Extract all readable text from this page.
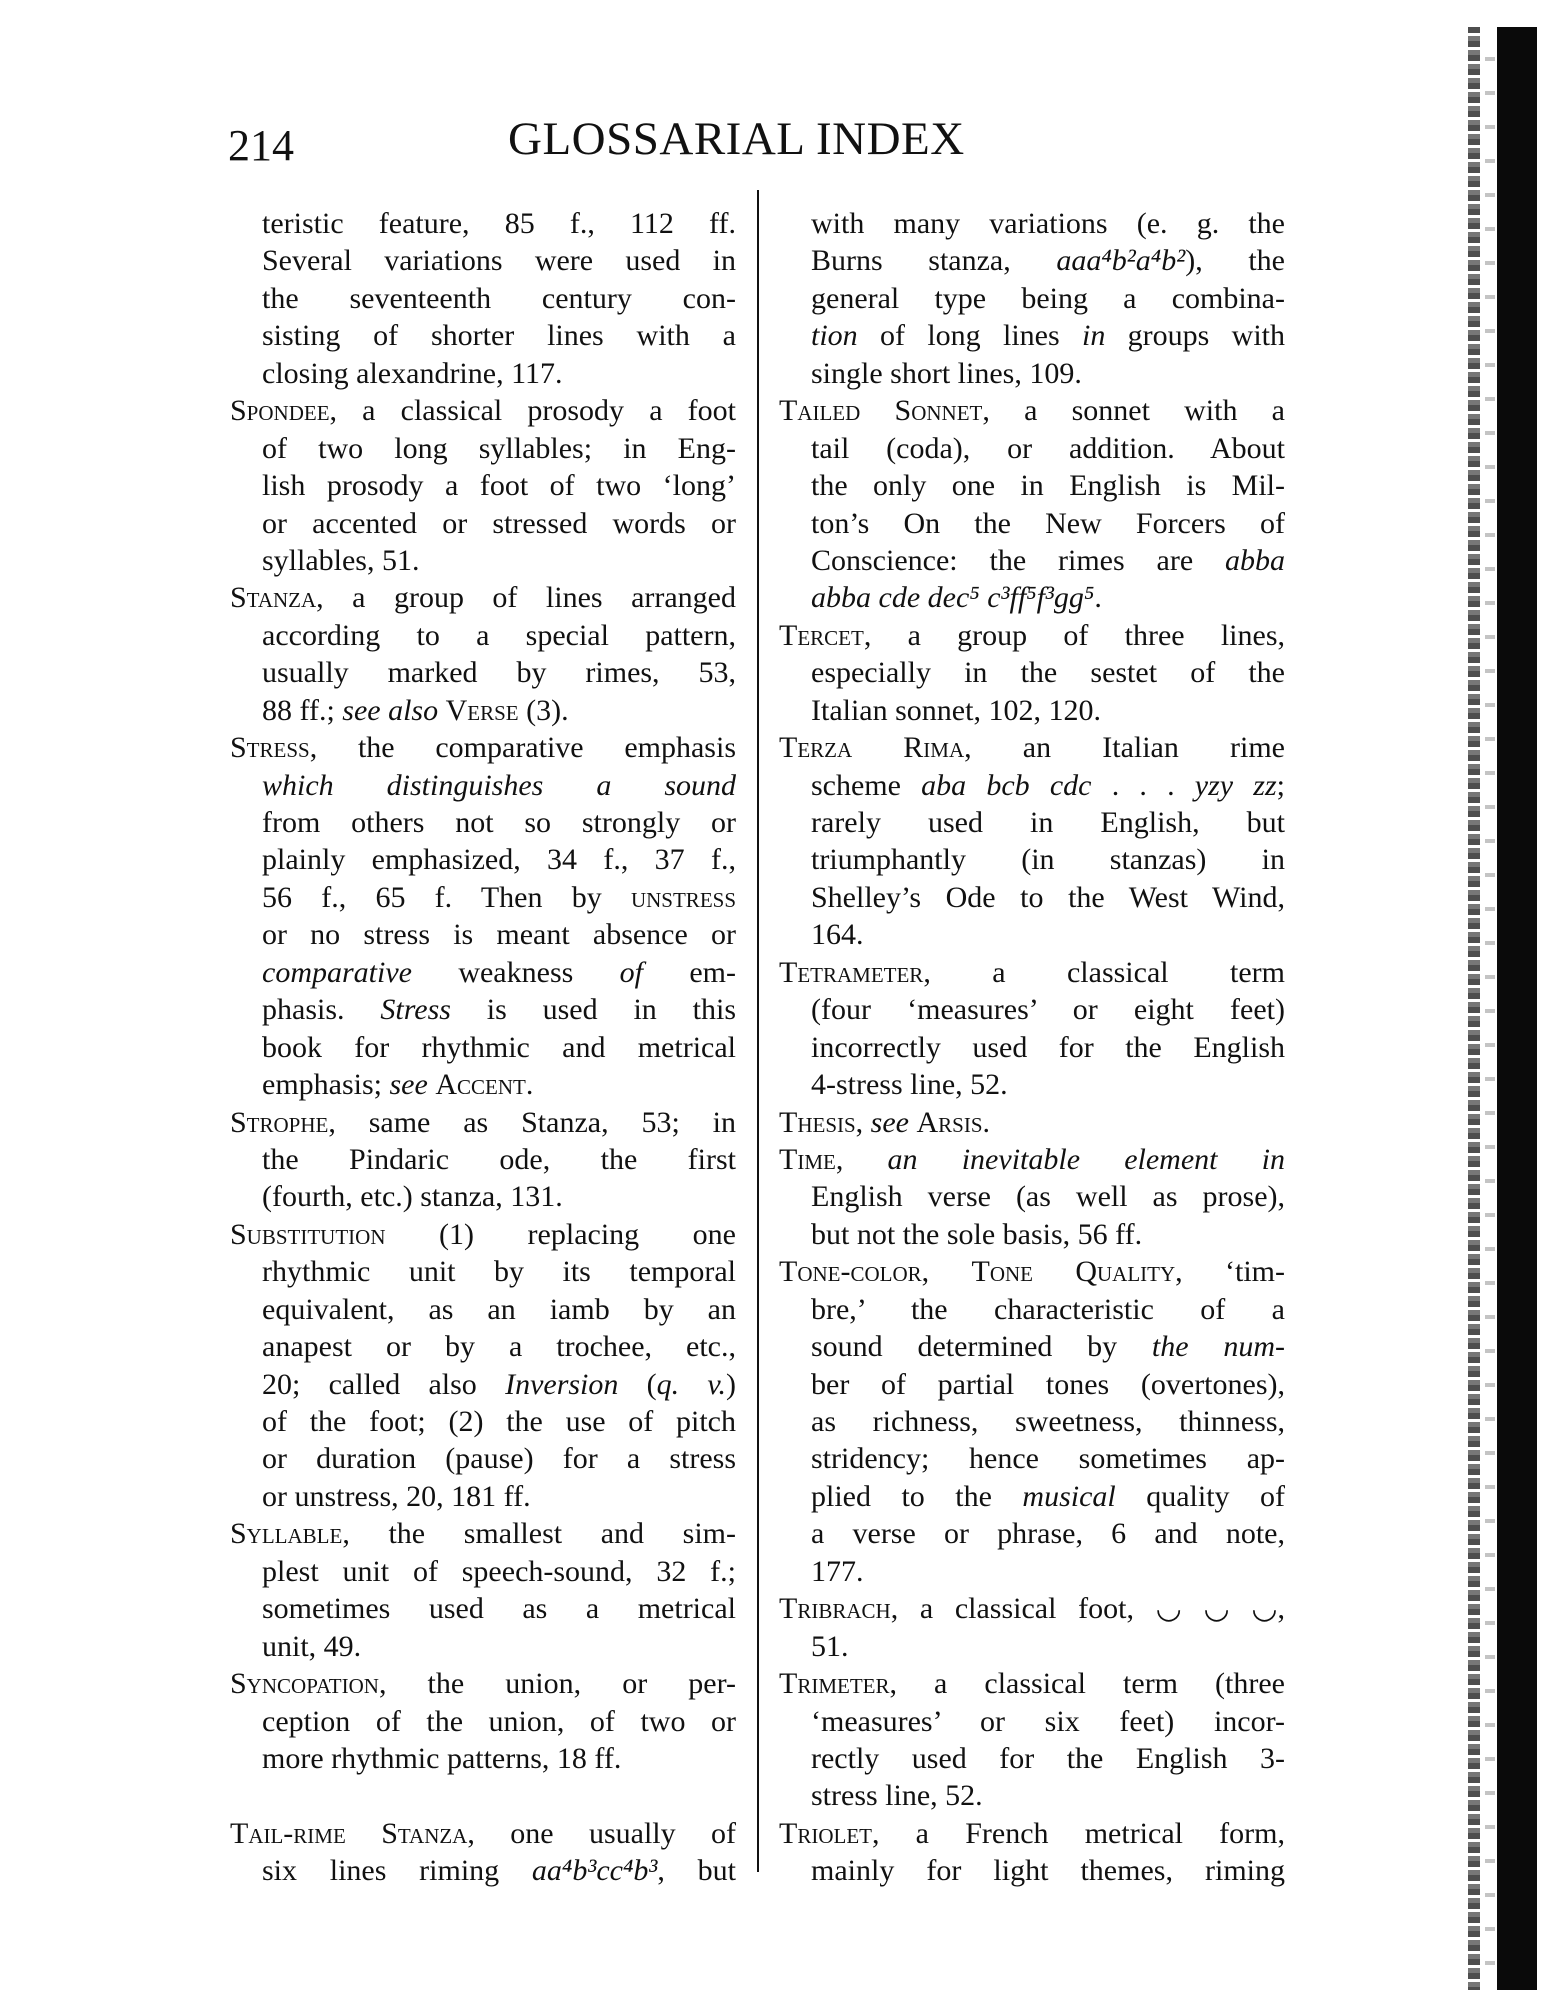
214	GLOSSARIAL INDEX
teristic feature, 85 f., 112 ff.
Several variations were used in
the seventeenth century con-
sisting of shorter lines with a
closing alexandrine, 117.
Spondee, a classical prosody a foot
of two long syllables; in Eng-
lish prosody a foot of two ‘long’
or accented or stressed words or
syllables, 51.
Stanza, a group of lines arranged
according to a special pattern,
usually marked by rimes, 53,
88 ff.; see also Verse (3).
Stress, the comparative emphasis
which distinguishes a sound
from others not so strongly or
plainly emphasized, 34 f., 37 f.,
56 f., 65 f. Then by unstress
or no stress is meant absence or
comparative weakness of em-
phasis. Stress is used in this
book for rhythmic and metrical
emphasis; see Accent.
Strophe, same as Stanza, 53; in
the Pindaric ode, the first
(fourth, etc.) stanza, 131.
Substitution (1) replacing one
rhythmic unit by its temporal
equivalent, as an iamb by an
anapest or by a trochee, etc.,
20; called also Inversion (q. v.)
of the foot; (2) the use of pitch
or duration (pause) for a stress
or unstress, 20, 181 ff.
Syllable, the smallest and sim-
plest unit of speech-sound, 32 f.;
sometimes used as a metrical
unit, 49.
Syncopation, the union, or per-
ception of the union, of two or
more rhythmic patterns, 18 ff.
Tail-rime Stanza, one usually of
six lines riming aa⁴b³cc⁴b³, but
with many variations (e. g. the
Burns stanza, aaa⁴b²a⁴b²), the
general type being a combina-
tion of long lines in groups with
single short lines, 109.
Tailed Sonnet, a sonnet with a
tail (coda), or addition. About
the only one in English is Mil-
ton’s On the New Forcers of
Conscience: the rimes are abba
abba cde dec⁵ c³ff⁵f³gg⁵.
Tercet, a group of three lines,
especially in the sestet of the
Italian sonnet, 102, 120.
Terza Rima, an Italian rime
scheme aba bcb cdc . . . yzy zz;
rarely used in English, but
triumphantly (in stanzas) in
Shelley’s Ode to the West Wind,
164.
Tetrameter, a classical term
(four ‘measures’ or eight feet)
incorrectly used for the English
4-stress line, 52.
Thesis, see Arsis.
Time, an inevitable element in
English verse (as well as prose),
but not the sole basis, 56 ff.
Tone-color, Tone Quality, ‘tim-
bre,’ the characteristic of a
sound determined by the num-
ber of partial tones (overtones),
as richness, sweetness, thinness,
stridency; hence sometimes ap-
plied to the musical quality of
a verse or phrase, 6 and note,
177.
Tribrach, a classical foot, ◡ ◡ ◡,
51.
Trimeter, a classical term (three
‘measures’ or six feet) incor-
rectly used for the English 3-
stress line, 52.
Triolet, a French metrical form,
mainly for light themes, riming
